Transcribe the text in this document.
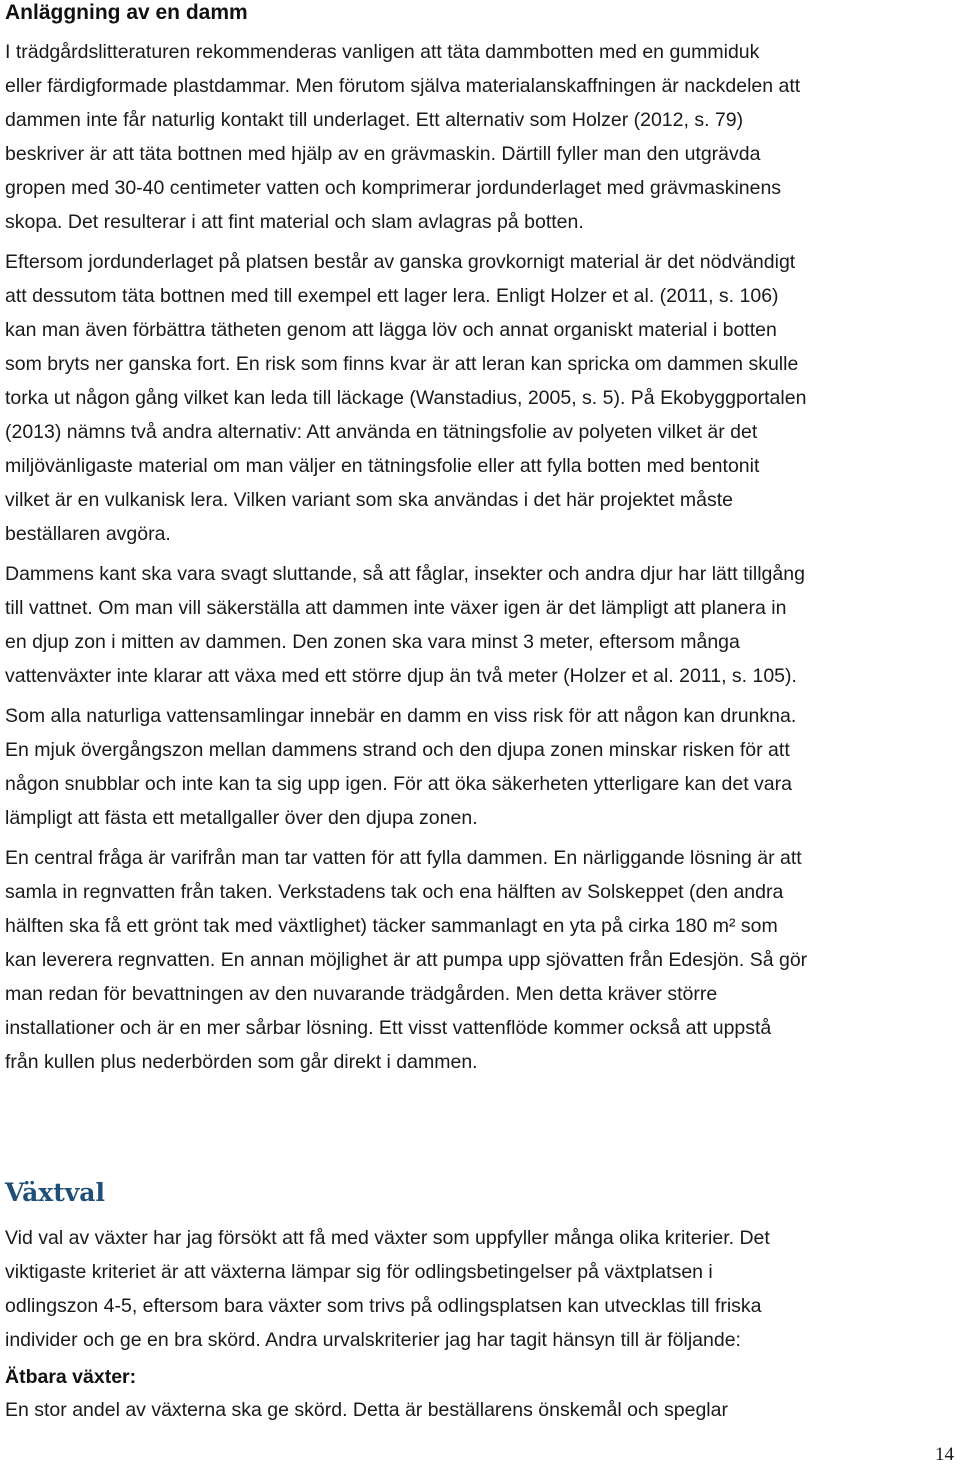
Anläggning av en damm

I trädgårdslitteraturen rekommenderas vanligen att täta dammbotten med en gummiduk
eller färdigformade plastdammar. Men förutom själva materialanskaffningen är nackdelen att
dammen inte får naturlig kontakt till underlaget. Ett alternativ som Holzer (2012, s. 79)
beskriver är att täta bottnen med hjälp av en grävmaskin. Därtill fyller man den utgrävda
gropen med 30-40 centimeter vatten och komprimerar jordunderlaget med grävmaskinens
skopa. Det resulterar i att fint material och slam avlagras på botten.

Eftersom jordunderlaget på platsen består av ganska grovkornigt material är det nödvändigt
att dessutom täta bottnen med till exempel ett lager lera. Enligt Holzer et al. (2011, s. 106)
kan man även förbättra tätheten genom att lägga löv och annat organiskt material i botten
som bryts ner ganska fort. En risk som finns kvar är att leran kan spricka om dammen skulle
torka ut någon gång vilket kan leda till läckage (Wanstadius, 2005, s. 5). På Ekobyggportalen
(2013) nämns två andra alternativ: Att använda en tätningsfolie av polyeten vilket är det
miljövänligaste material om man väljer en tätningsfolie eller att fylla botten med bentonit
vilket är en vulkanisk lera. Vilken variant som ska användas i det här projektet måste
beställaren avgöra.

Dammens kant ska vara svagt sluttande, så att fåglar, insekter och andra djur har lätt tillgång
till vattnet. Om man vill säkerställa att dammen inte växer igen är det lämpligt att planera in
en djup zon i mitten av dammen. Den zonen ska vara minst 3 meter, eftersom många
vattenväxter inte klarar att växa med ett större djup än två meter (Holzer et al. 2011, s. 105).

Som alla naturliga vattensamlingar innebär en damm en viss risk för att någon kan drunkna.
En mjuk övergångszon mellan dammens strand och den djupa zonen minskar risken för att
någon snubblar och inte kan ta sig upp igen. För att öka säkerheten ytterligare kan det vara
lämpligt att fästa ett metallgaller över den djupa zonen.

En central fråga är varifrån man tar vatten för att fylla dammen. En närliggande lösning är att
samla in regnvatten från taken. Verkstadens tak och ena hälften av Solskeppet (den andra
hälften ska få ett grönt tak med växtlighet) täcker sammanlagt en yta på cirka 180 m² som
kan leverera regnvatten. En annan möjlighet är att pumpa upp sjövatten från Edesjön. Så gör
man redan för bevattningen av den nuvarande trädgården. Men detta kräver större
installationer och är en mer sårbar lösning. Ett visst vattenflöde kommer också att uppstå
från kullen plus nederbörden som går direkt i dammen.

Växtval

Vid val av växter har jag försökt att få med växter som uppfyller många olika kriterier. Det
viktigaste kriteriet är att växterna lämpar sig för odlingsbetingelser på växtplatsen i
odlingszon 4-5, eftersom bara växter som trivs på odlingsplatsen kan utvecklas till friska
individer och ge en bra skörd. Andra urvalskriterier jag har tagit hänsyn till är följande:

Ätbara växter:

En stor andel av växterna ska ge skörd. Detta är beställarens önskemål och speglar

14
